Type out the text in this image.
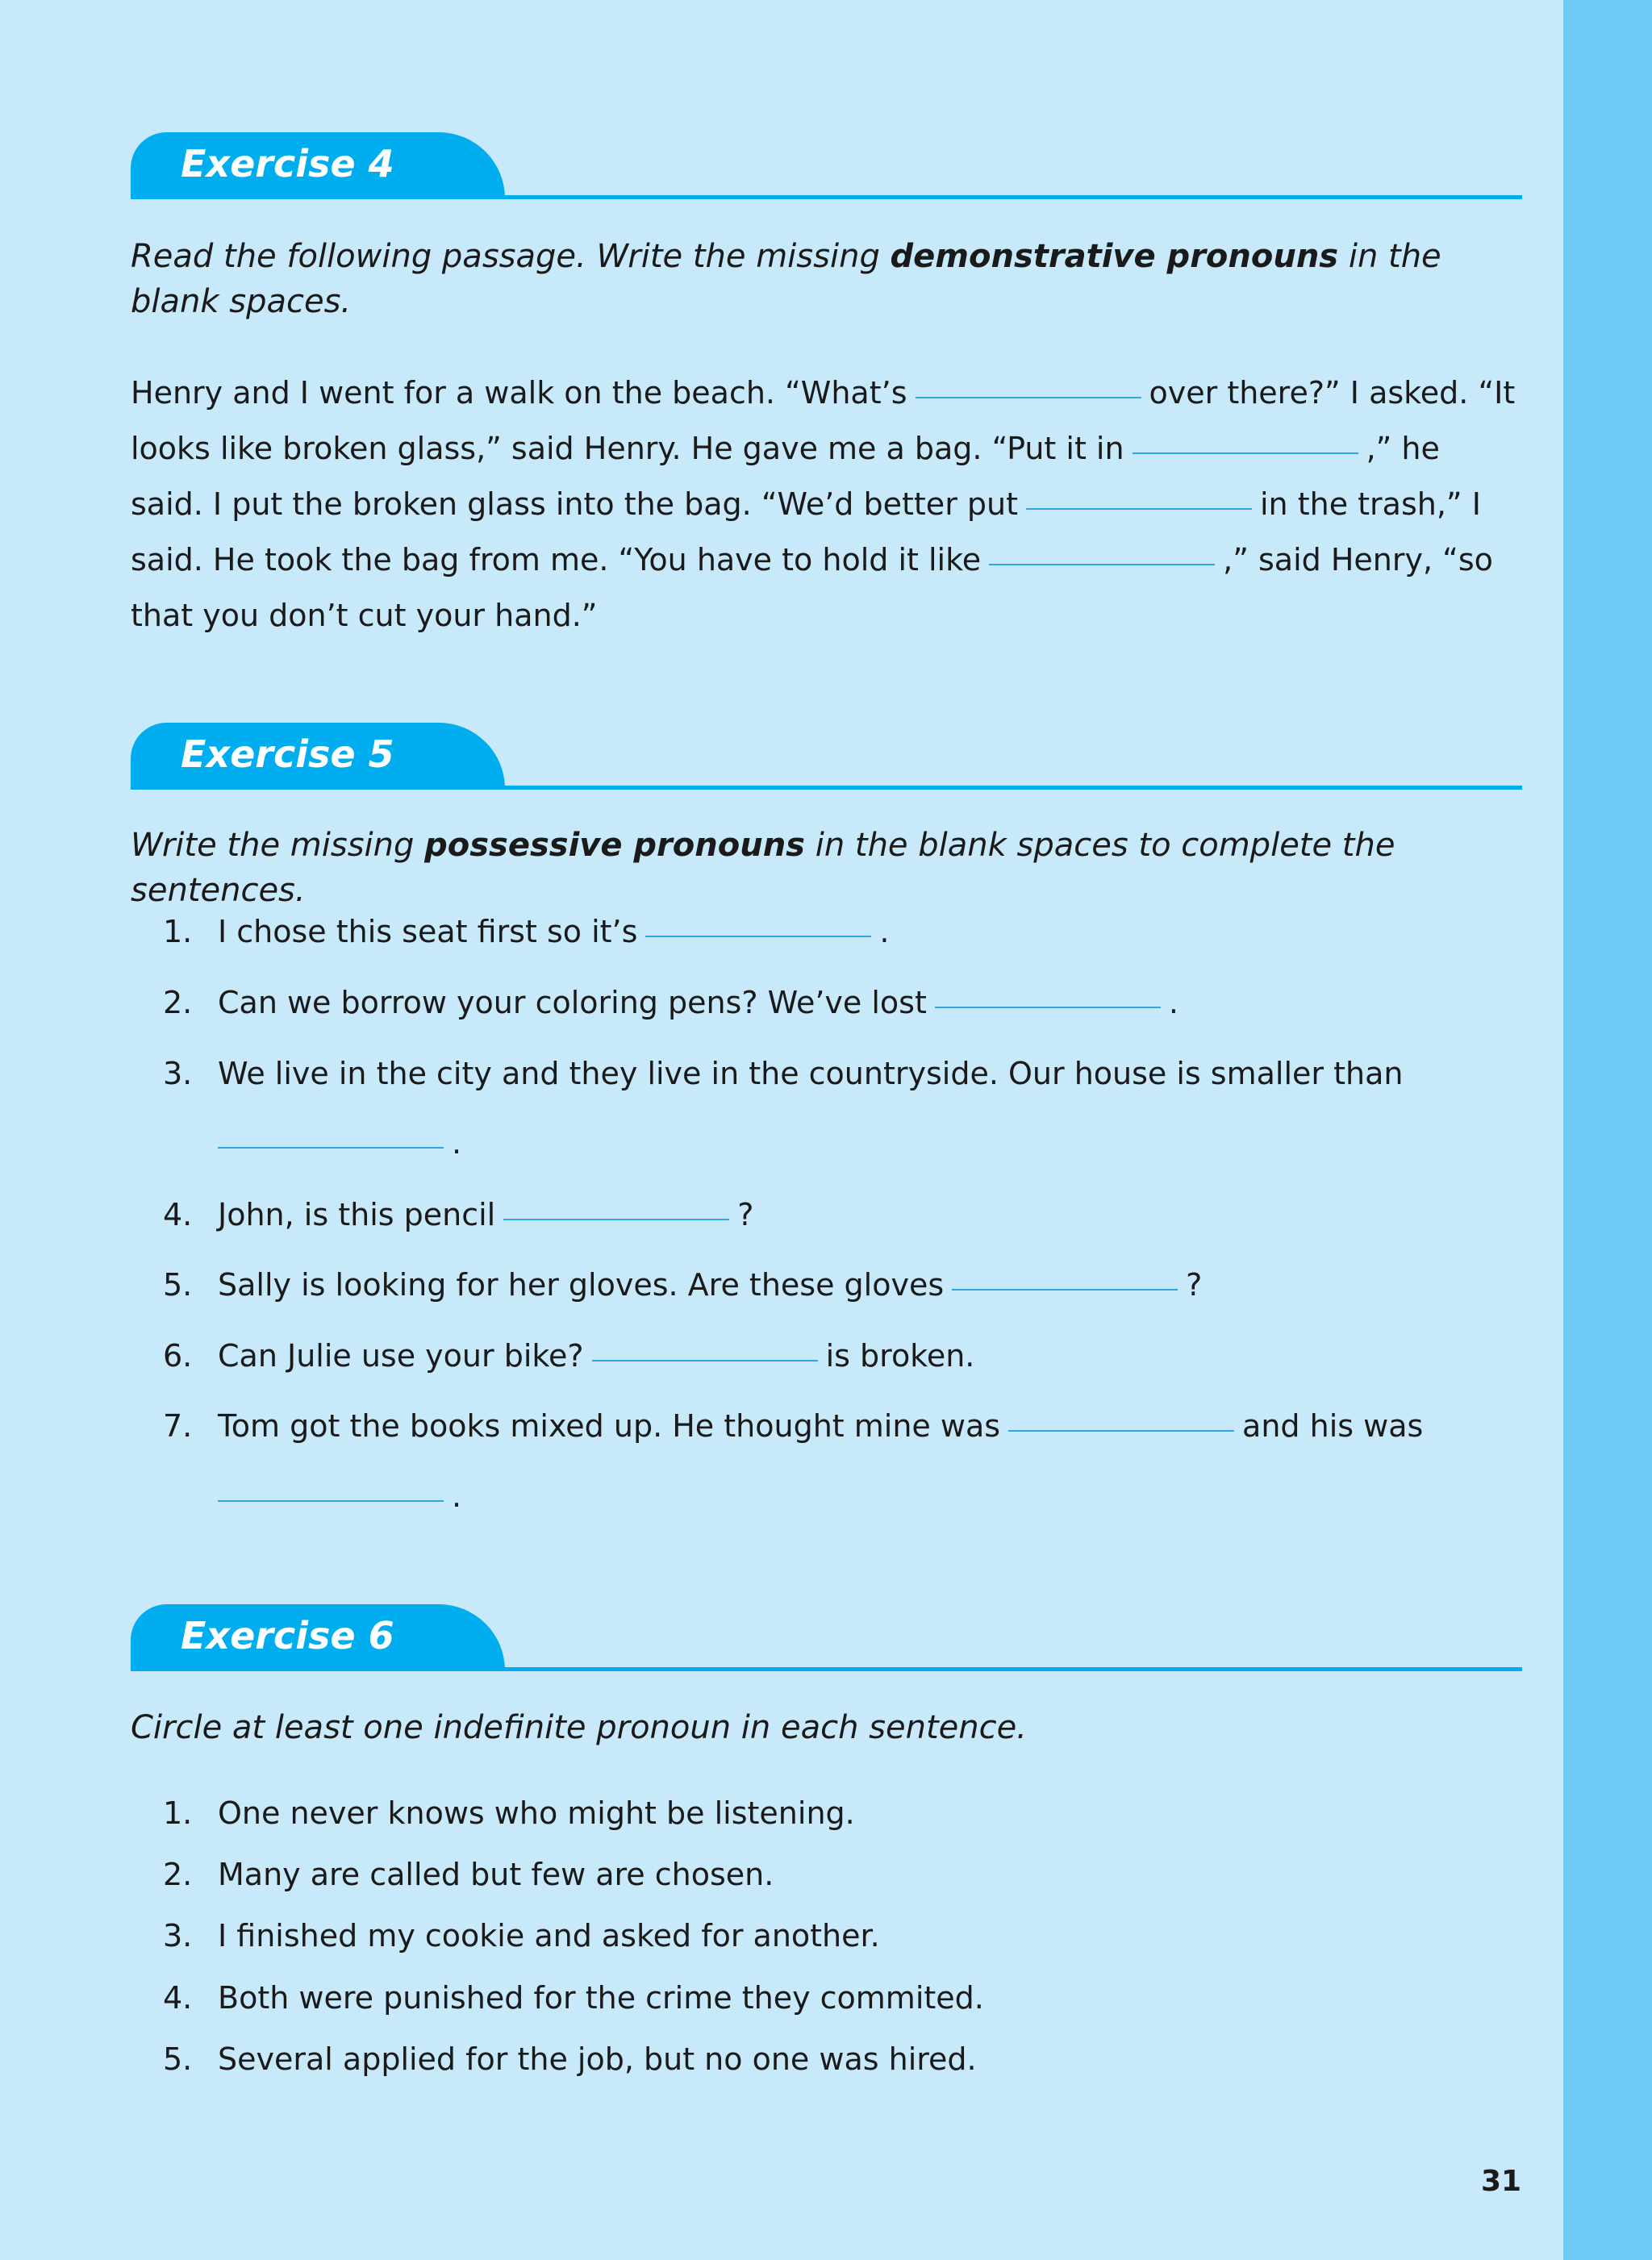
Exercise 4
Read the following passage. Write the missing demonstrative pronouns in the blank spaces.
Henry and I went for a walk on the beach. “What’s	over there?” I asked. “It looks like broken glass,” said Henry. He gave me a bag. “Put it in	,” he said. I put the broken glass into the bag. “We’d better put	in the trash,” I said. He took the bag from me. “You have to hold it like	,” said Henry, “so that you don’t cut your hand.”
Exercise 5
Write the missing possessive pronouns in the blank spaces to complete the sentences.
1. I chose this seat first so it’s	.
2. Can we borrow your coloring pens? We’ve lost	.
3. We live in the city and they live in the countryside. Our house is smaller than
.
4. John, is this pencil	?
5. Sally is looking for her gloves. Are these gloves	?
6. Can Julie use your bike?	is broken.
7. Tom got the books mixed up. He thought mine was	and his was
.
Exercise 6
Circle at least one indefinite pronoun in each sentence.
1. One never knows who might be listening.
2. Many are called but few are chosen.
3. I finished my cookie and asked for another.
4. Both were punished for the crime they commited.
5. Several applied for the job, but no one was hired.
31
